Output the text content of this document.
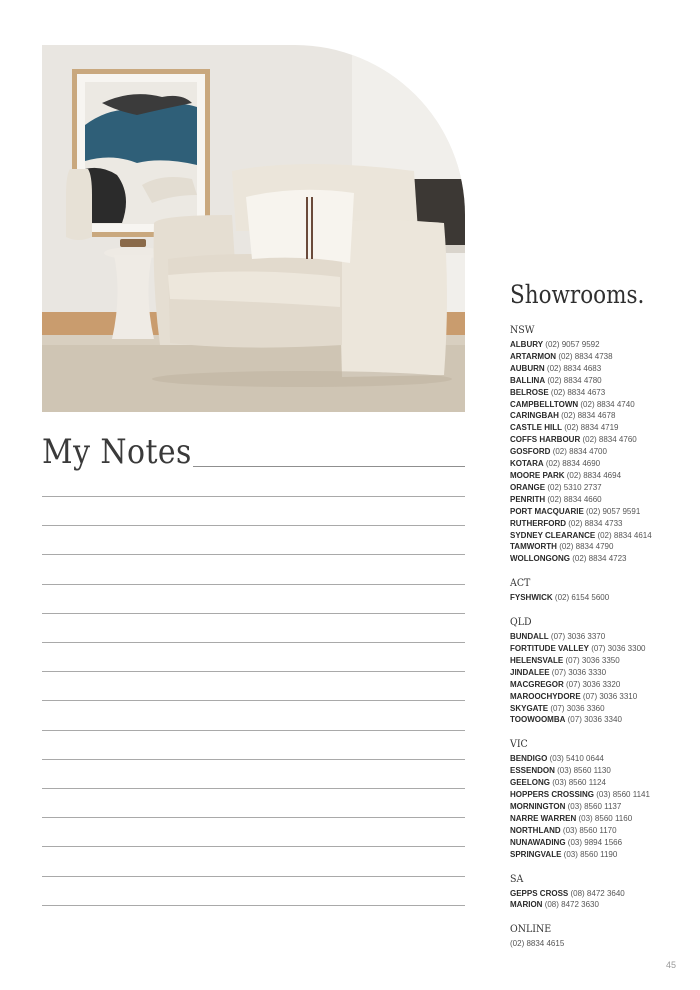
My Notes
Showrooms.
NSW
ALBURY (02) 9057 9592
ARTARMON (02) 8834 4738
AUBURN (02) 8834 4683
BALLINA (02) 8834 4780
BELROSE (02) 8834 4673
CAMPBELLTOWN (02) 8834 4740
CARINGBAH (02) 8834 4678
CASTLE HILL (02) 8834 4719
COFFS HARBOUR (02) 8834 4760
GOSFORD (02) 8834 4700
KOTARA (02) 8834 4690
MOORE PARK (02) 8834 4694
ORANGE (02) 5310 2737
PENRITH (02) 8834 4660
PORT MACQUARIE (02) 9057 9591
RUTHERFORD (02) 8834 4733
SYDNEY CLEARANCE (02) 8834 4614
TAMWORTH (02) 8834 4790
WOLLONGONG (02) 8834 4723
ACT
FYSHWICK (02) 6154 5600
QLD
BUNDALL (07) 3036 3370
FORTITUDE VALLEY (07) 3036 3300
HELENSVALE (07) 3036 3350
JINDALEE (07) 3036 3330
MACGREGOR (07) 3036 3320
MAROOCHYDORE (07) 3036 3310
SKYGATE (07) 3036 3360
TOOWOOMBA (07) 3036 3340
VIC
BENDIGO (03) 5410 0644
ESSENDON (03) 8560 1130
GEELONG (03) 8560 1124
HOPPERS CROSSING (03) 8560 1141
MORNINGTON (03) 8560 1137
NARRE WARREN (03) 8560 1160
NORTHLAND (03) 8560 1170
NUNAWADING (03) 9894 1566
SPRINGVALE (03) 8560 1190
SA
GEPPS CROSS (08) 8472 3640
MARION (08) 8472 3630
ONLINE
(02) 8834 4615
45
